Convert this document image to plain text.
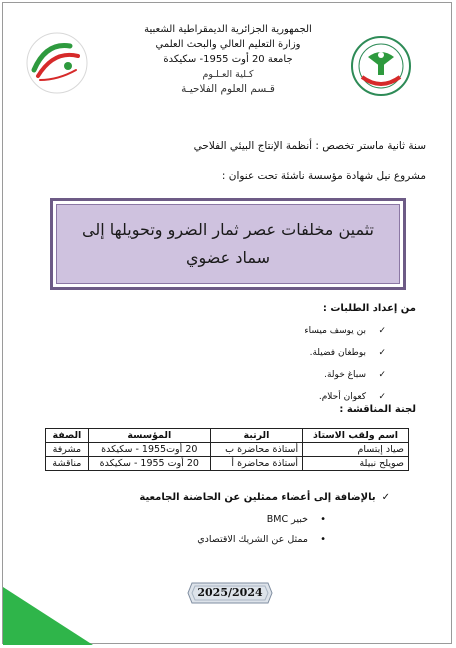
الجمهورية الجزائرية الديمقراطية الشعبية
وزارة التعليم العالي والبحث العلمي
جامعة 20 أوت 1955- سكيكدة
كـلية العـلـوم
قـسم العلوم الفلاحيـة
سنة ثانية ماستر تخصص : أنظمة الإنتاج البيئي الفلاحي
مشروع نيل شهادة مؤسسة ناشئة تحت عنوان :
تثمين مخلفات عصر ثمار الضرو وتحويلها إلى سماد عضوي
من إعداد الطلبات :
✓بن يوسف ميساء
✓بوطغان فضيلة.
✓سباغ خولة.
✓كعوان أحلام.
لجنة المناقشة :
اسم ولقب الاستاذ	الرتبة	المؤسسة	الصفة
صياد إبتسام	أستاذة محاضرة ب	20 أوت1955 - سكيكدة	مشرفة
صويلح نبيلة	أستاذة محاضرة أ	20 أوت 1955 - سكيكدة	مناقشة
✓بالإضافة إلى أعضاء ممثلين عن الحاضنة الجامعية
•خبير BMC
•ممثل عن الشريك الاقتصادي
2025/2024
